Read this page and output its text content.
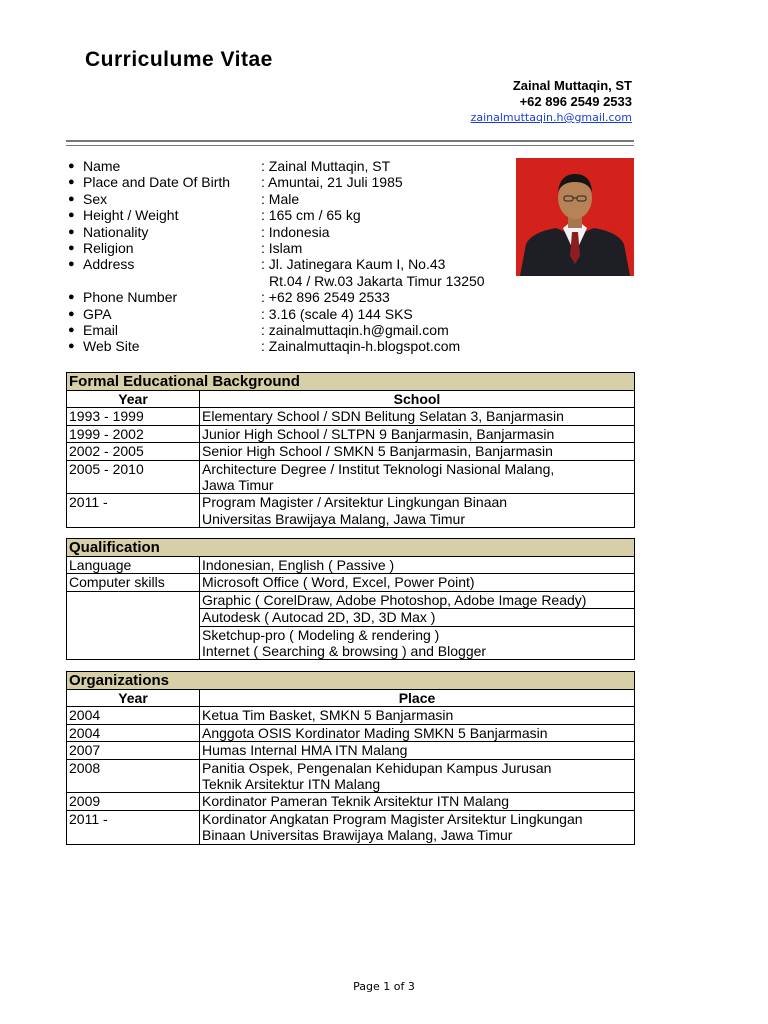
Curriculume Vitae
Zainal Muttaqin, ST
+62 896 2549 2533
zainalmuttaqin.h@gmail.com
● Name	: Zainal Muttaqin, ST
● Place and Date Of Birth	: Amuntai, 21 Juli 1985
● Sex	: Male
● Height / Weight	: 165 cm / 65 kg
● Nationality	: Indonesia
● Religion	: Islam
● Address	: Jl. Jatinegara Kaum I, No.43
Rt.04 / Rw.03 Jakarta Timur 13250
● Phone Number	: +62 896 2549 2533
● GPA	: 3.16 (scale 4) 144 SKS
● Email	: zainalmuttaqin.h@gmail.com
● Web Site	: Zainalmuttaqin-h.blogspot.com
Formal Educational Background	
Year	School
1993 - 1999	Elementary School / SDN Belitung Selatan 3, Banjarmasin

1999 - 2002	Junior High School / SLTPN 9 Banjarmasin, Banjarmasin

2002 - 2005	Senior High School / SMKN 5 Banjarmasin, Banjarmasin

2005 - 2010	Architecture Degree / Institut Teknologi Nasional Malang,
Jawa Timur

2011 -	Program Magister / Arsitektur Lingkungan Binaan
Universitas Brawijaya Malang, Jawa Timur
Qualification	
Language	Indonesian, English ( Passive )
Computer skills	Microsoft Office ( Word, Excel, Power Point)
	Graphic ( CorelDraw, Adobe Photoshop, Adobe Image Ready)
	Autodesk ( Autocad 2D, 3D, 3D Max )

	Sketchup-pro ( Modeling & rendering )
Internet ( Searching & browsing ) and Blogger
Organizations	
Year	Place
2004	Ketua Tim Basket, SMKN 5 Banjarmasin

2004	Anggota OSIS Kordinator Mading SMKN 5 Banjarmasin

2007	Humas Internal HMA ITN Malang

2008	Panitia Ospek, Pengenalan Kehidupan Kampus Jurusan
Teknik Arsitektur ITN Malang

2009	Kordinator Pameran Teknik Arsitektur ITN Malang

2011 -	Kordinator Angkatan Program Magister Arsitektur Lingkungan
Binaan Universitas Brawijaya Malang, Jawa Timur
Page 1 of 3
